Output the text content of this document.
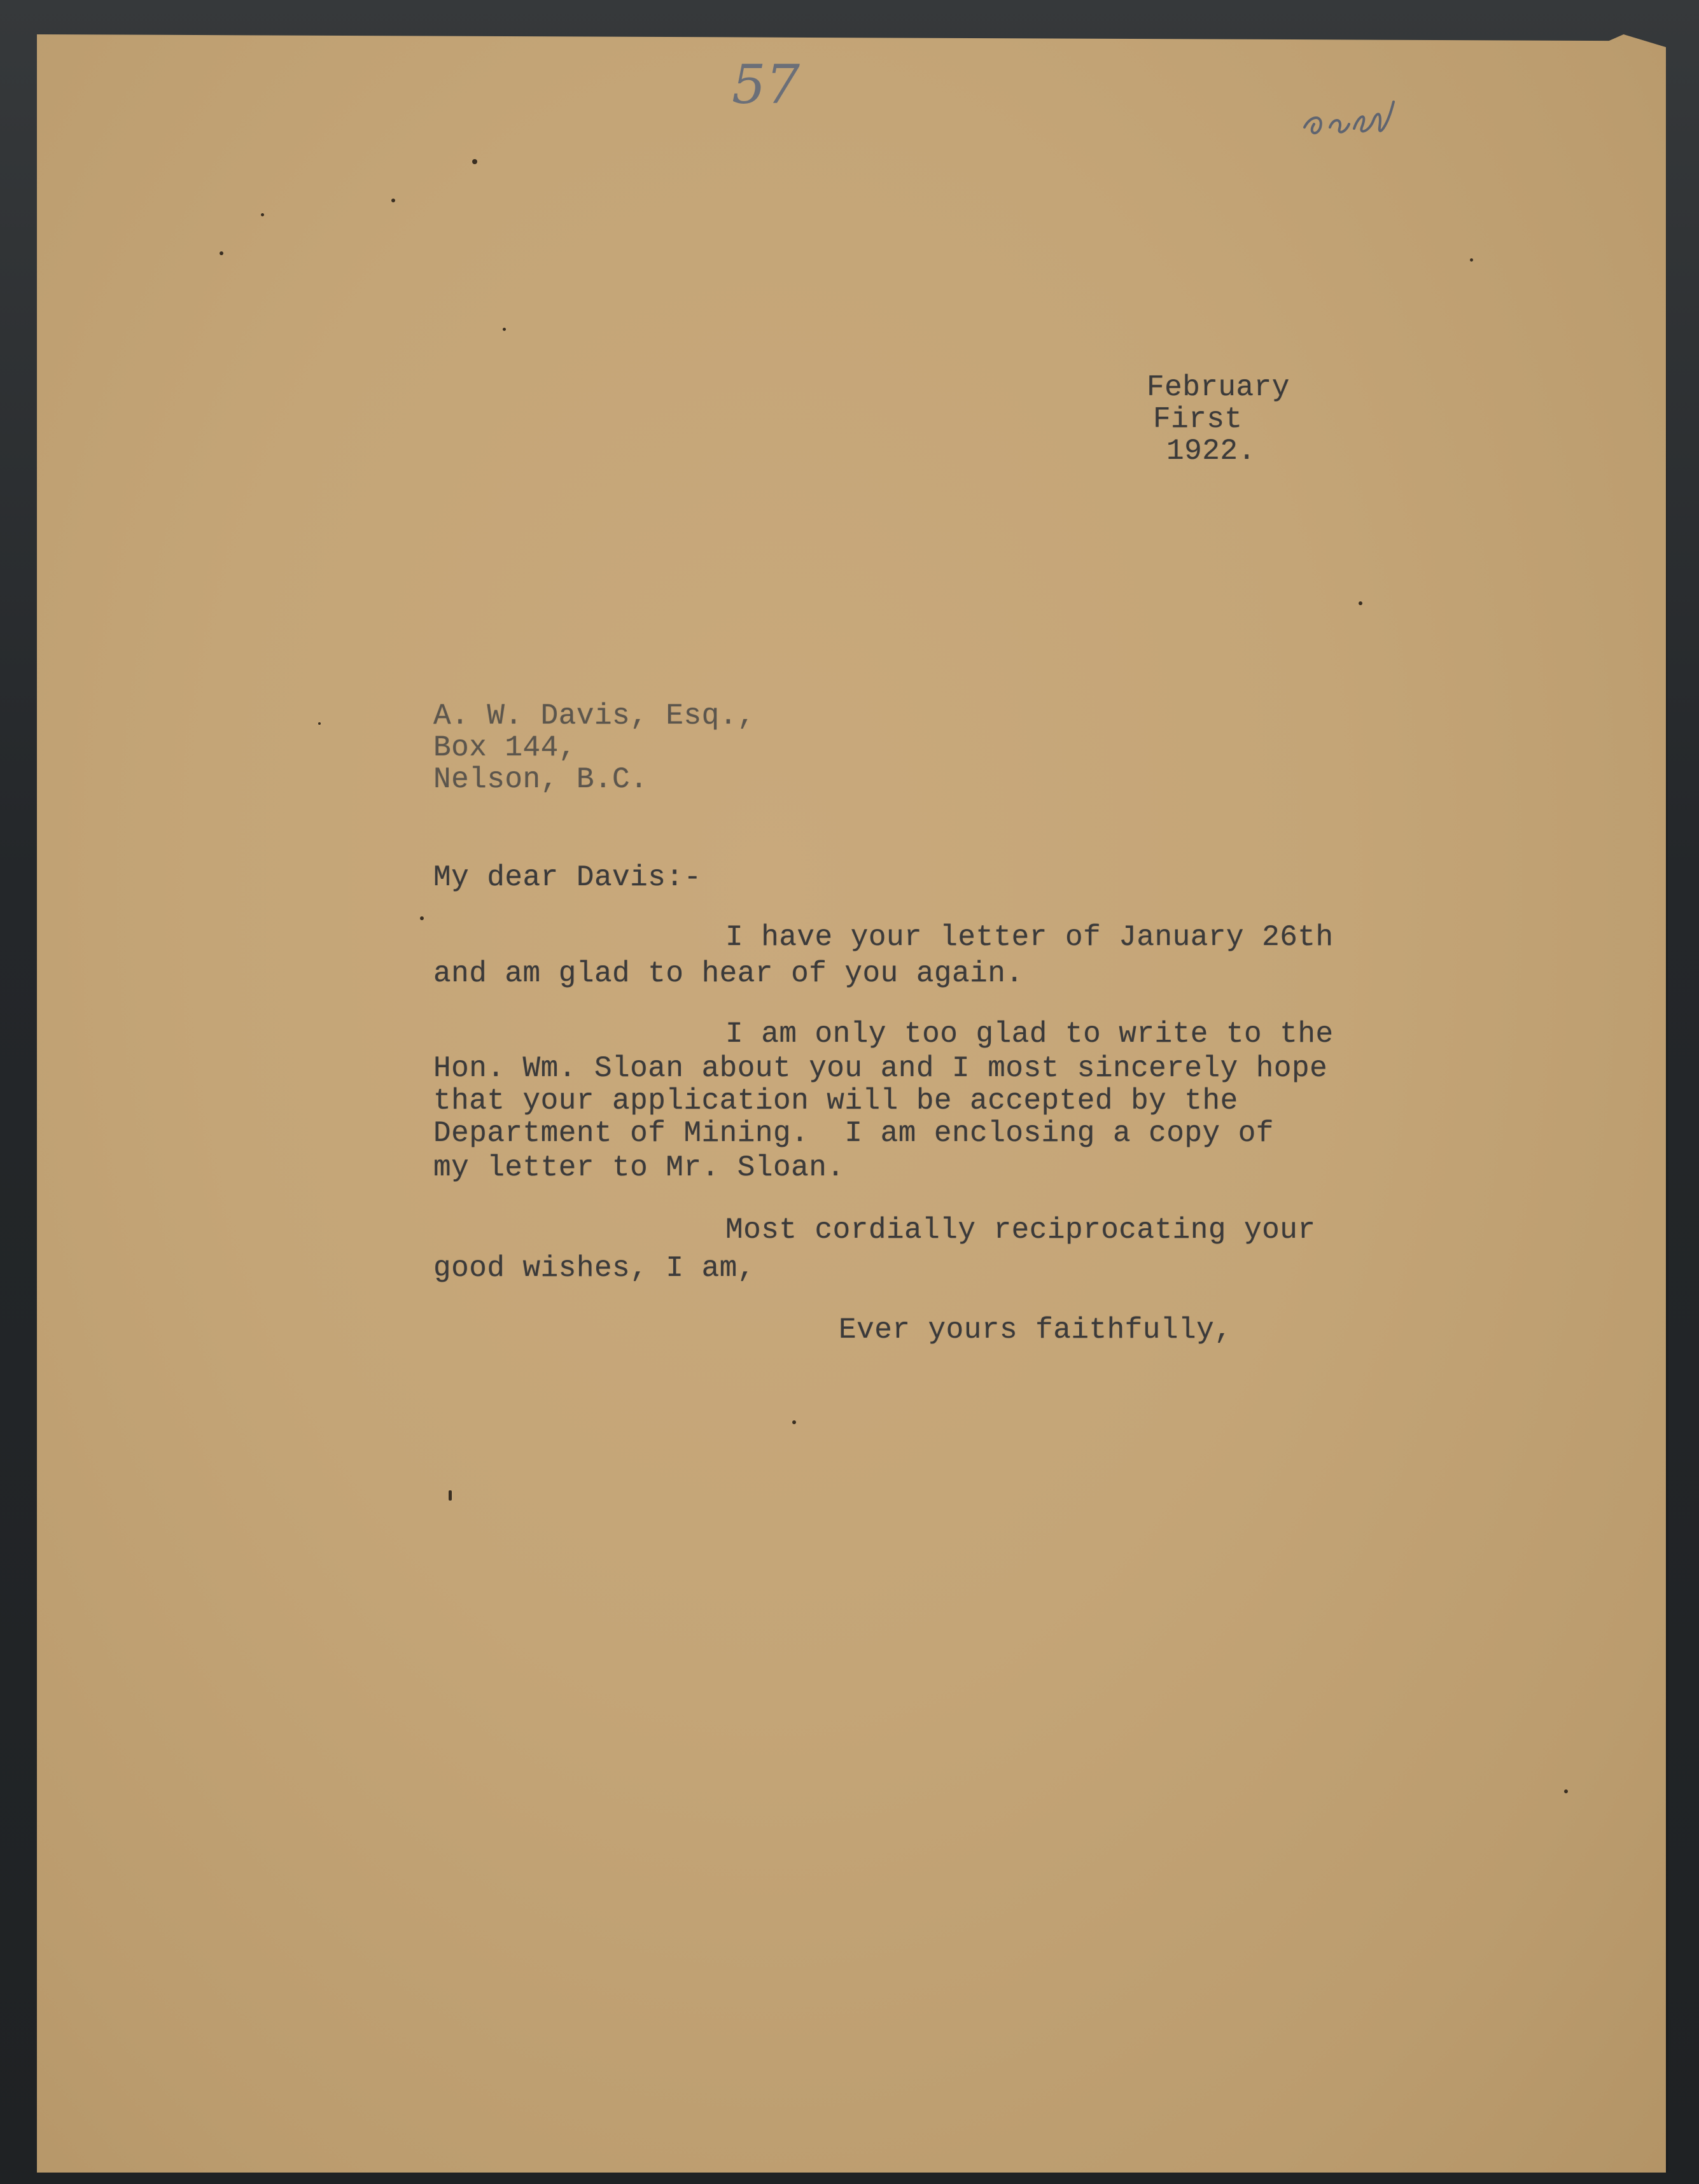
57
February
First
1922.
A. W. Davis, Esq.,
Box 144,
Nelson, B.C.
My dear Davis:-
I have your letter of January 26th
and am glad to hear of you again.
I am only too glad to write to the
Hon. Wm. Sloan about you and I most sincerely hope
that your application will be accepted by the
Department of Mining.  I am enclosing a copy of
my letter to Mr. Sloan.
Most cordially reciprocating your
good wishes, I am,
Ever yours faithfully,
